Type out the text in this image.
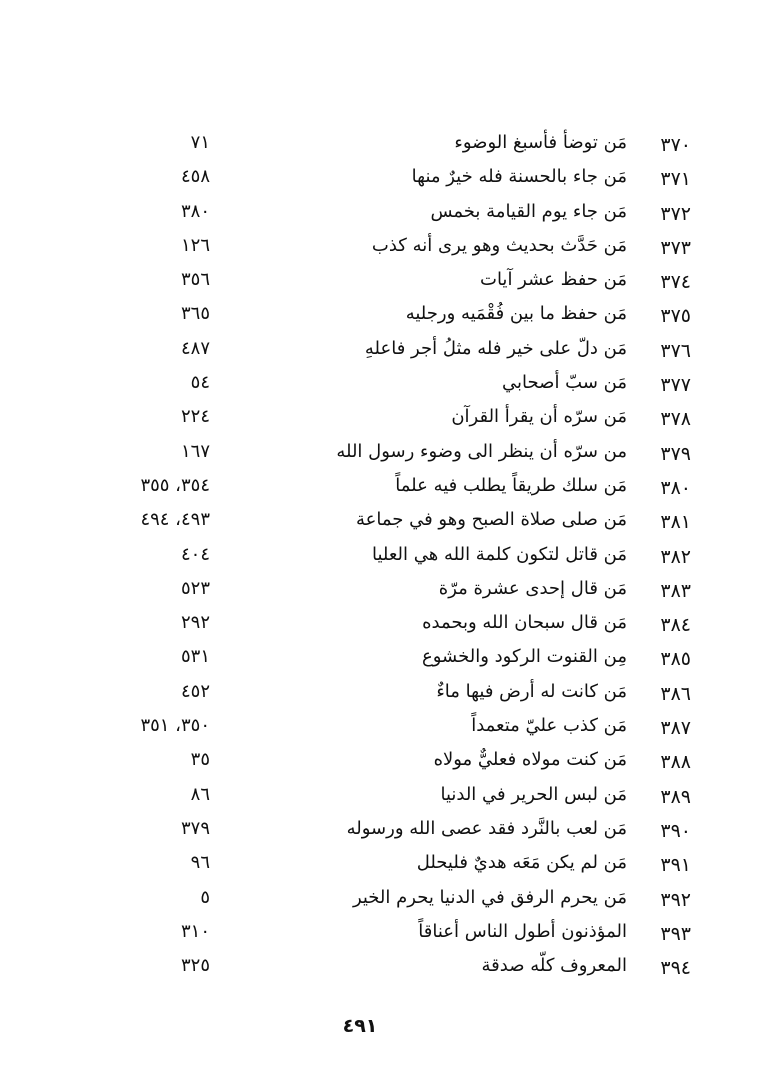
٣٧٠
مَن توضأ فأسبغ الوضوء
٧١
٣٧١
مَن جاء بالحسنة فله خيرٌ منها
٤٥٨
٣٧٢
مَن جاء يوم القيامة بخمس
٣٨٠
٣٧٣
مَن حَدَّث بحديث وهو يرى أنه كذب
١٢٦
٣٧٤
مَن حفظ عشر آيات
٣٥٦
٣٧٥
مَن حفظ ما بين فُقْمَيه ورجليه
٣٦٥
٣٧٦
مَن دلّ على خير فله مثلُ أجر فاعلهِ
٤٨٧
٣٧٧
مَن سبّ أصحابي
٥٤
٣٧٨
مَن سرّه أن يقرأ القرآن
٢٢٤
٣٧٩
من سرّه أن ينظر الى وضوء رسول الله
١٦٧
٣٨٠
مَن سلك طريقاً يطلب فيه علماً
٣٥٤، ٣٥٥
٣٨١
مَن صلى صلاة الصبح وهو في جماعة
٤٩٣، ٤٩٤
٣٨٢
مَن قاتل لتكون كلمة الله هي العليا
٤٠٤
٣٨٣
مَن قال إحدى عشرة مرّة
٥٢٣
٣٨٤
مَن قال سبحان الله وبحمده
٢٩٢
٣٨٥
مِن القنوت الركود والخشوع
٥٣١
٣٨٦
مَن كانت له أرض فيها ماءٌ
٤٥٢
٣٨٧
مَن كذب عليّ متعمداً
٣٥٠، ٣٥١
٣٨٨
مَن كنت مولاه فعليٌّ مولاه
٣٥
٣٨٩
مَن لبس الحرير في الدنيا
٨٦
٣٩٠
مَن لعب بالنَّرد فقد عصى الله ورسوله
٣٧٩
٣٩١
مَن لم يكن مَعَه هديٌ فليحلل
٩٦
٣٩٢
مَن يحرم الرفق في الدنيا يحرم الخير
٥
٣٩٣
المؤذنون أطول الناس أعناقاً
٣١٠
٣٩٤
المعروف كلّه صدقة
٣٢٥
٤٩١
